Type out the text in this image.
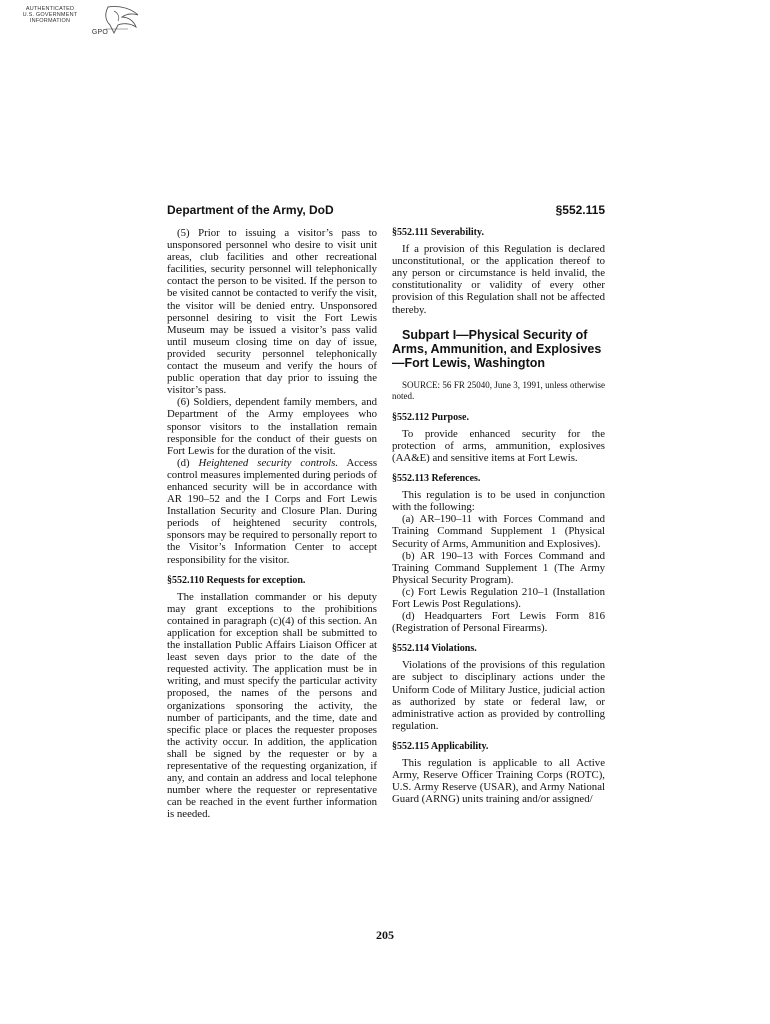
AUTHENTICATED
U.S. GOVERNMENT
INFORMATION
GPO
Department of the Army, DoD	§552.115

(5) Prior to issuing a visitor’s pass to unsponsored personnel who desire to visit unit areas, club facilities and other recreational facilities, security personnel will telephonically contact the person to be visited. If the person to be visited cannot be contacted to verify the visit, the visitor will be denied entry. Unsponsored personnel desiring to visit the Fort Lewis Museum may be issued a visitor’s pass valid until museum closing time on day of issue, provided security personnel telephonically contact the museum and verify the hours of public operation that day prior to issuing the visitor’s pass.

(6) Soldiers, dependent family members, and Department of the Army employees who sponsor visitors to the installation remain responsible for the conduct of their guests on Fort Lewis for the duration of the visit.

(d) Heightened security controls. Access control measures implemented during periods of enhanced security will be in accordance with AR 190–52 and the I Corps and Fort Lewis Installation Security and Closure Plan. During periods of heightened security controls, sponsors may be required to personally report to the Visitor’s Information Center to accept responsibility for the visitor.

§552.110 Requests for exception.

The installation commander or his deputy may grant exceptions to the prohibitions contained in paragraph (c)(4) of this section. An application for exception shall be submitted to the installation Public Affairs Liaison Officer at least seven days prior to the date of the requested activity. The application must be in writing, and must specify the particular activity proposed, the names of the persons and organizations sponsoring the activity, the number of participants, and the time, date and specific place or places the requester proposes the activity occur. In addition, the application shall be signed by the requester or by a representative of the requesting organization, if any, and contain an address and local telephone number where the requester or representative can be reached in the event further information is needed.

§552.111 Severability.

If a provision of this Regulation is declared unconstitutional, or the application thereof to any person or circumstance is held invalid, the constitutionality or validity of every other provision of this Regulation shall not be affected thereby.

Subpart I—Physical Security of Arms, Ammunition, and Explosives—Fort Lewis, Washington

SOURCE: 56 FR 25040, June 3, 1991, unless otherwise noted.

§552.112 Purpose.

To provide enhanced security for the protection of arms, ammunition, explosives (AA&E) and sensitive items at Fort Lewis.

§552.113 References.

This regulation is to be used in conjunction with the following:

(a) AR–190–11 with Forces Command and Training Command Supplement 1 (Physical Security of Arms, Ammunition and Explosives).

(b) AR 190–13 with Forces Command and Training Command Supplement 1 (The Army Physical Security Program).

(c) Fort Lewis Regulation 210–1 (Installation Fort Lewis Post Regulations).

(d) Headquarters Fort Lewis Form 816 (Registration of Personal Firearms).

§552.114 Violations.

Violations of the provisions of this regulation are subject to disciplinary actions under the Uniform Code of Military Justice, judicial action as authorized by state or federal law, or administrative action as provided by controlling regulation.

§552.115 Applicability.

This regulation is applicable to all Active Army, Reserve Officer Training Corps (ROTC), U.S. Army Reserve (USAR), and Army National Guard (ARNG) units training and/or assigned/

205
